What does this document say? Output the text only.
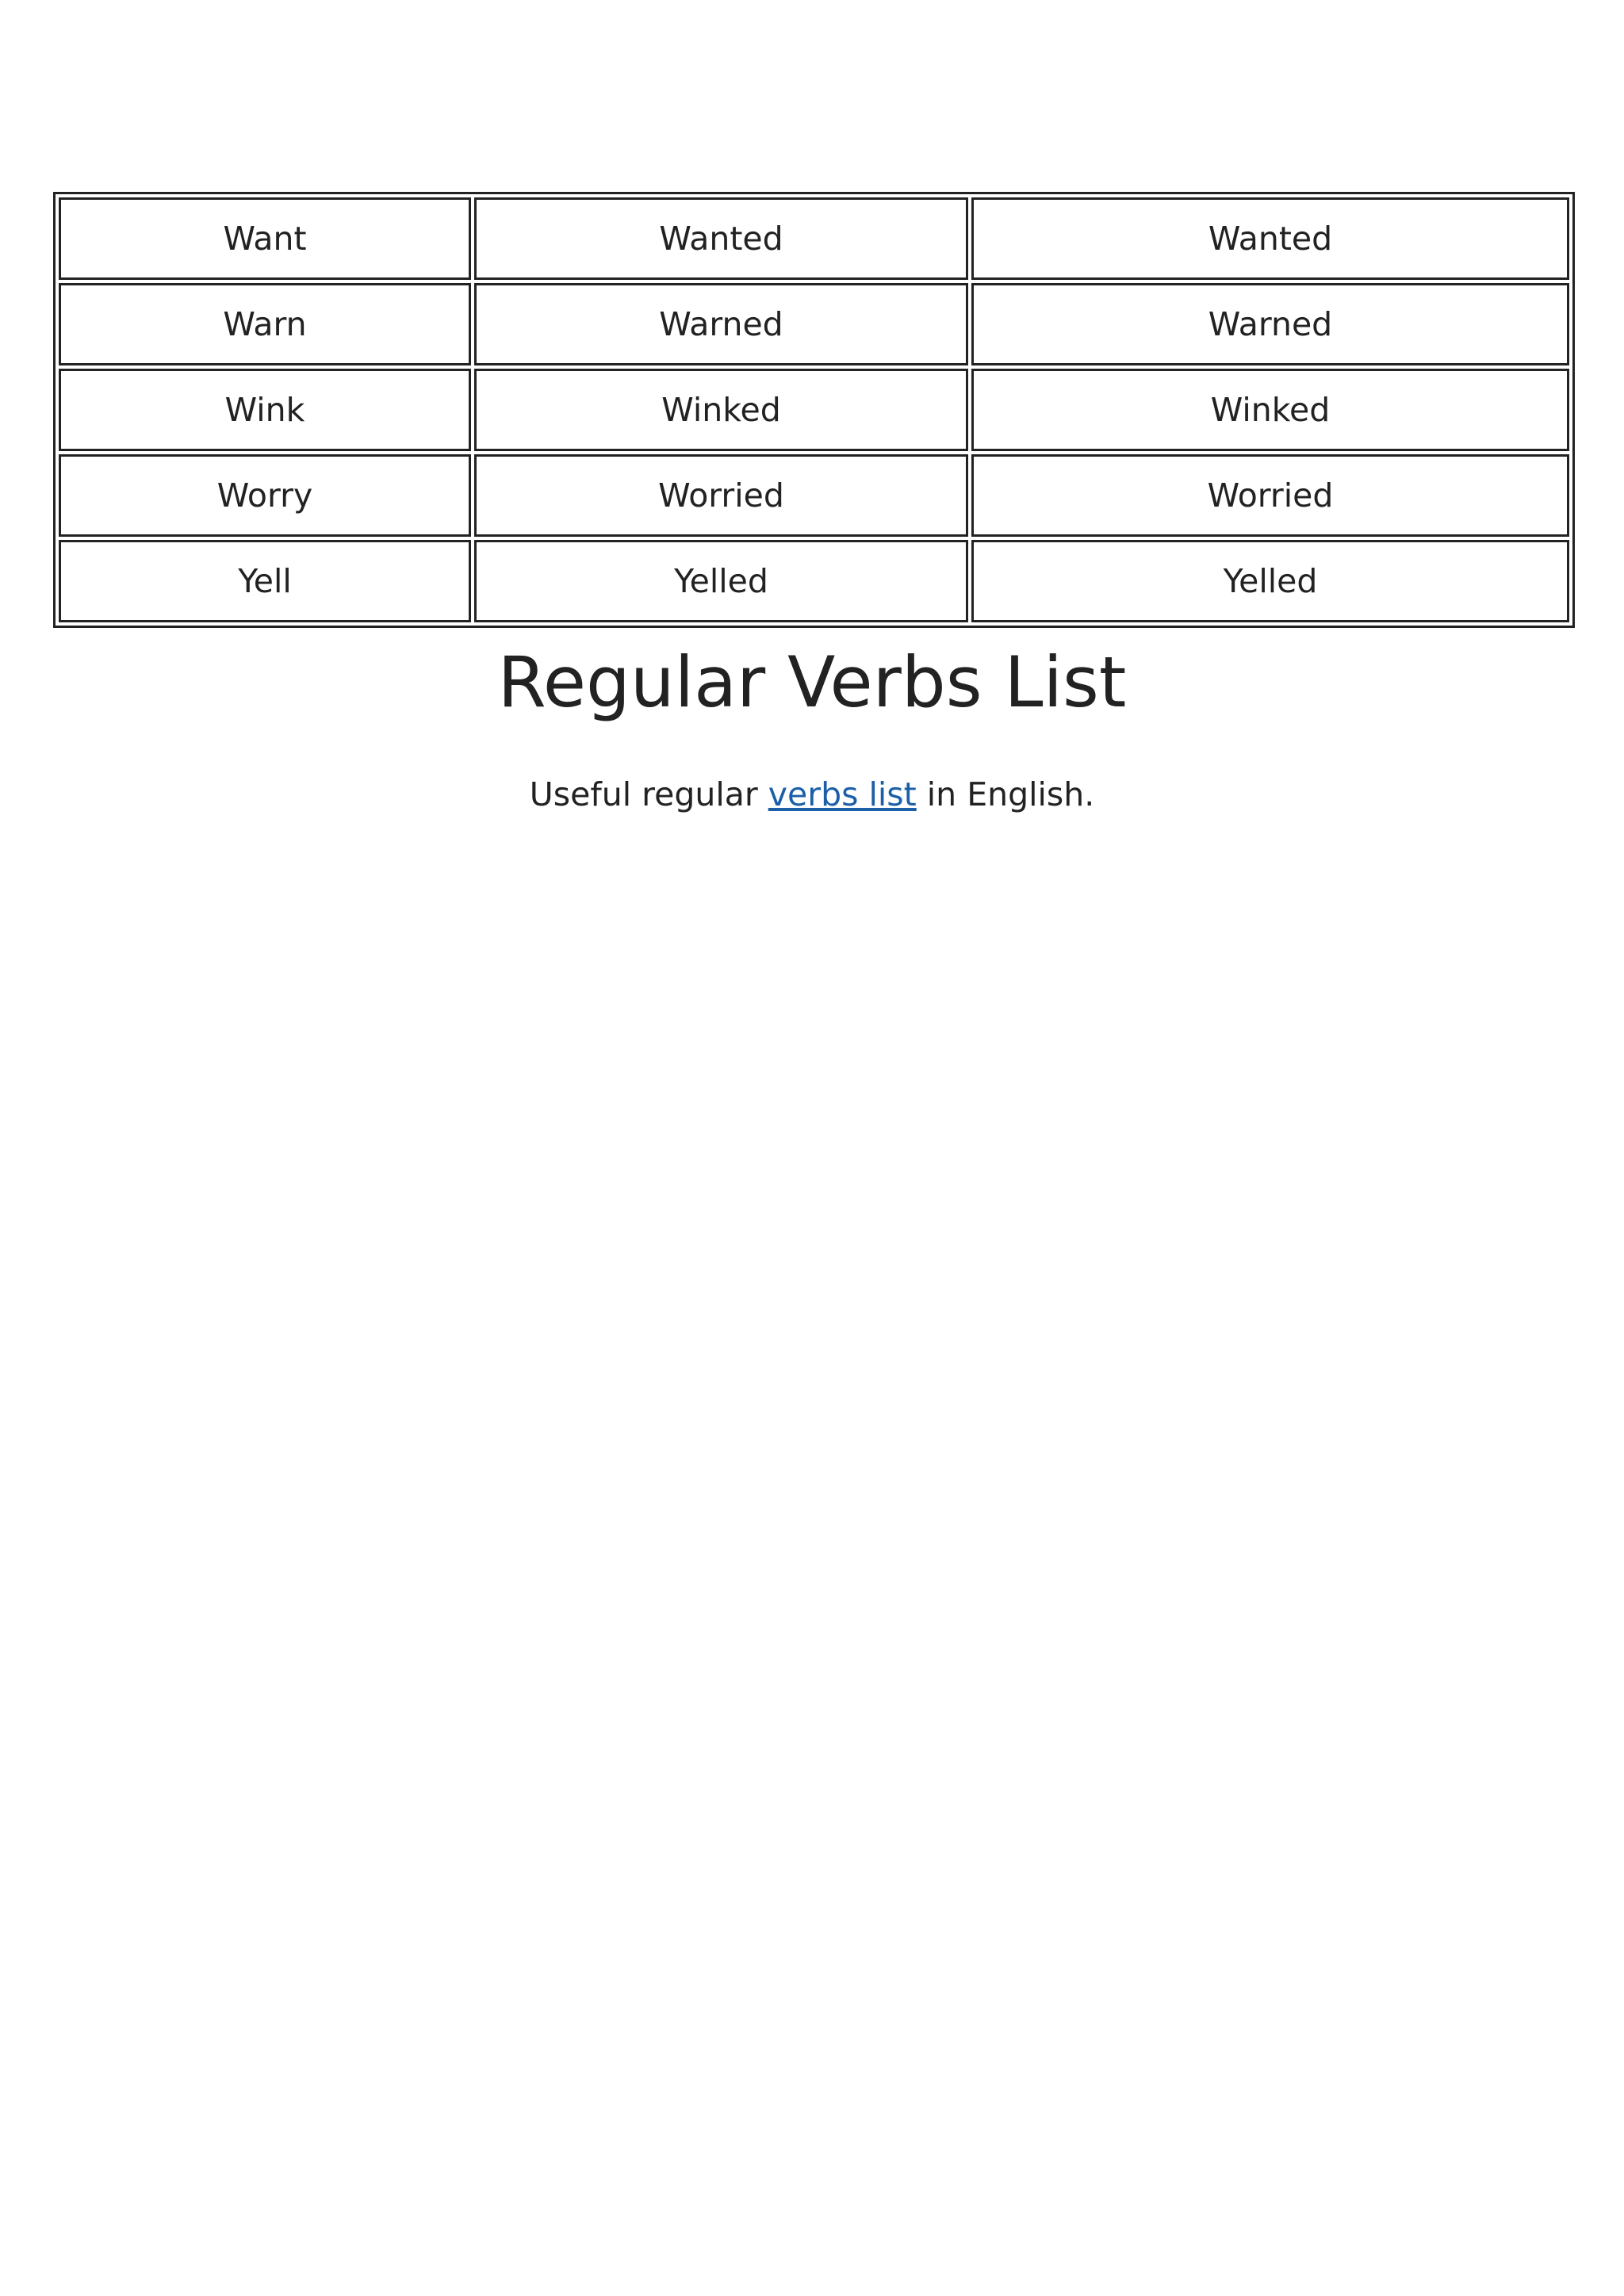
Want	Wanted	Wanted
Warn	Warned	Warned
Wink	Winked	Winked
Worry	Worried	Worried
Yell	Yelled	Yelled
Regular Verbs List

Useful regular verbs list in English.
